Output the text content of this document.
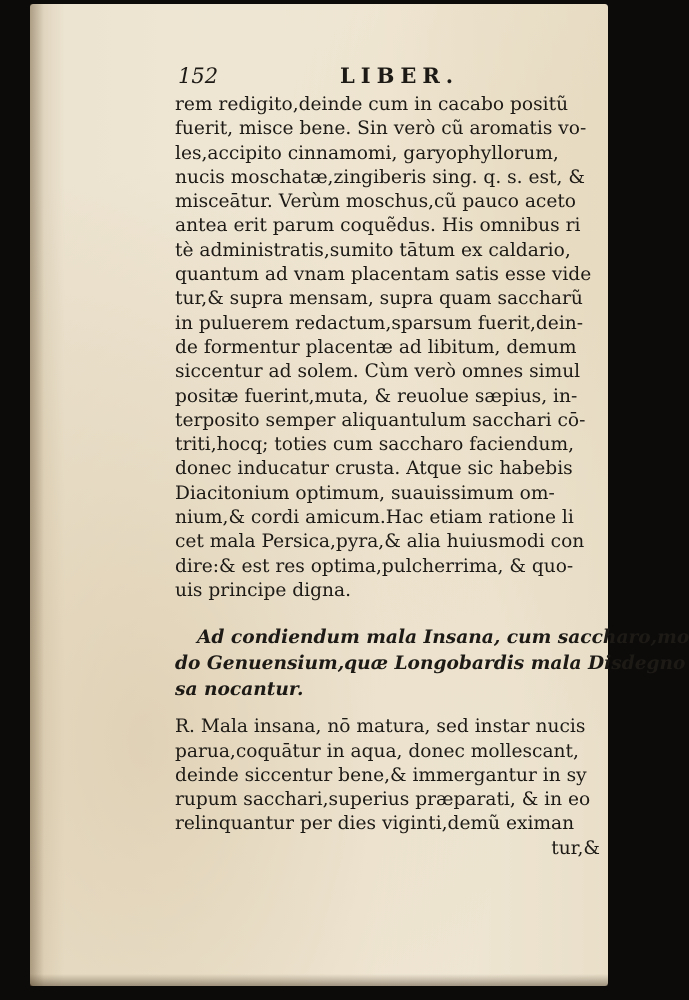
152	LIBER.
rem redigito,deinde cum in cacabo positũ
fuerit, misce bene. Sin verò cũ aromatis vo-
les,accipito cinnamomi, garyophyllorum,
nucis moschatæ,zingiberis sing. q. s. est, &
misceātur. Verùm moschus,cũ pauco aceto
antea erit parum coquẽdus. His omnibus ri
tè administratis,sumito tātum ex caldario,
quantum ad vnam placentam satis esse vide
tur,& supra mensam, supra quam saccharũ
in puluerem redactum,sparsum fuerit,dein-
de formentur placentæ ad libitum, demum
siccentur ad solem. Cùm verò omnes simul
positæ fuerint,muta, & reuolue sæpius, in-
terposito semper aliquantulum sacchari cō-
triti,hocq; toties cum saccharo faciendum,
donec inducatur crusta. Atque sic habebis
Diacitonium optimum, suauissimum om-
nium,& cordi amicum.Hac etiam ratione li
cet mala Persica,pyra,& alia huiusmodi con
dire:& est res optima,pulcherrima, & quo-
uis principe digna.
Ad condiendum mala Insana, cum saccharo,mo
do Genuensium,quæ Longobardis mala Disdegno
sa nocantur.
R. Mala insana, nō matura, sed instar nucis
parua,coquātur in aqua, donec mollescant,
deinde siccentur bene,& immergantur in sy
rupum sacchari,superius præparati, & in eo
relinquantur per dies viginti,demũ eximan
tur,&
